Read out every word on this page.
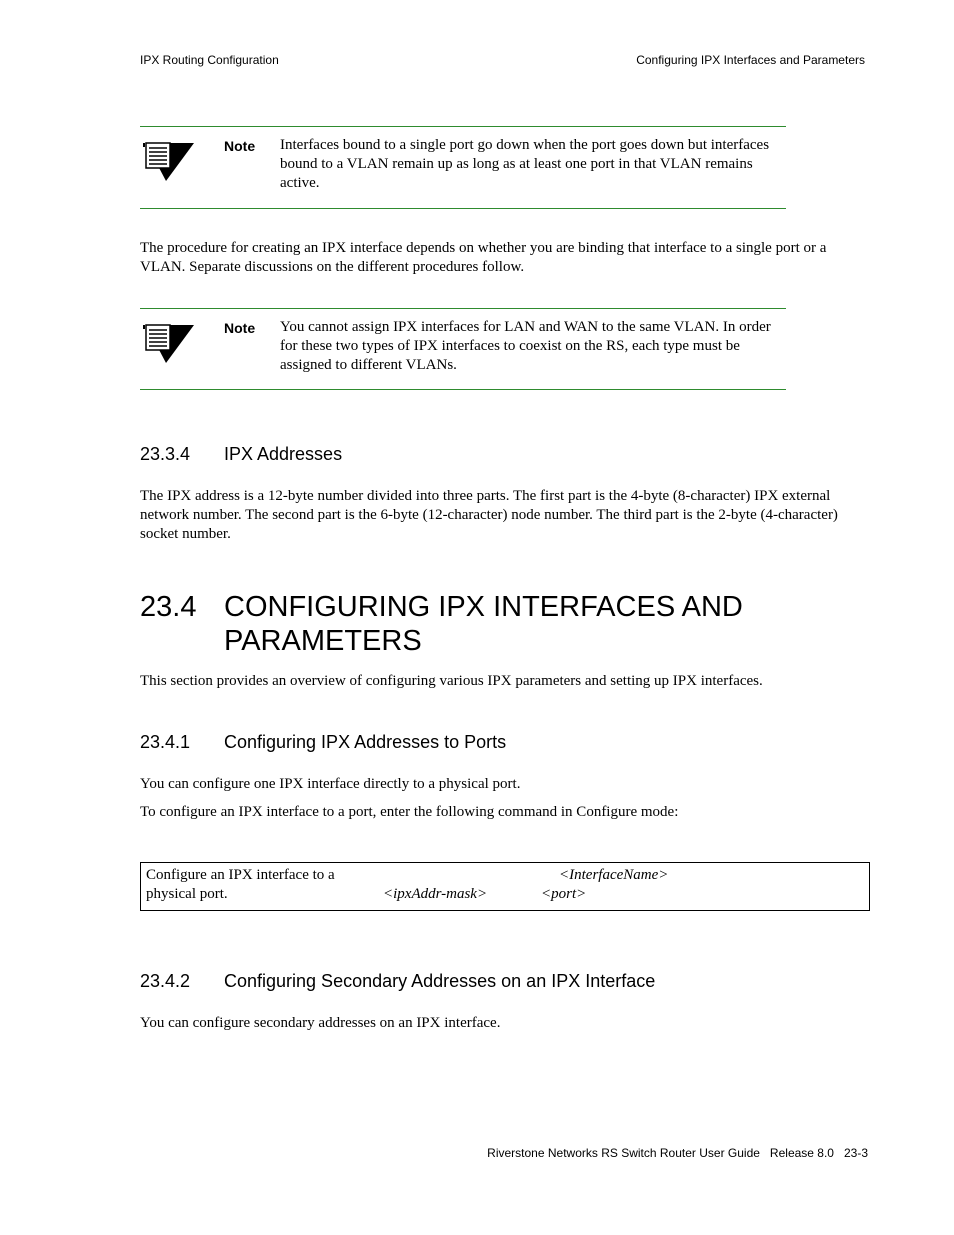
IPX Routing Configuration	Configuring IPX Interfaces and Parameters
Note Interfaces bound to a single port go down when the port goes down but interfaces bound to a VLAN remain up as long as at least one port in that VLAN remains active.
The procedure for creating an IPX interface depends on whether you are binding that interface to a single port or a VLAN. Separate discussions on the different procedures follow.
Note You cannot assign IPX interfaces for LAN and WAN to the same VLAN. In order for these two types of IPX interfaces to coexist on the RS, each type must be assigned to different VLANs.
23.3.4 IPX Addresses
The IPX address is a 12-byte number divided into three parts. The first part is the 4-byte (8-character) IPX external network number. The second part is the 6-byte (12-character) node number. The third part is the 2-byte (4-character) socket number.
23.4 CONFIGURING IPX INTERFACES AND PARAMETERS
This section provides an overview of configuring various IPX parameters and setting up IPX interfaces.
23.4.1 Configuring IPX Addresses to Ports
You can configure one IPX interface directly to a physical port.
To configure an IPX interface to a port, enter the following command in Configure mode:
Configure an IPX interface to a physical port.
<InterfaceName>
<ipxAddr-mask>	<port>
23.4.2 Configuring Secondary Addresses on an IPX Interface
You can configure secondary addresses on an IPX interface.
Riverstone Networks RS Switch Router User Guide   Release 8.0   23-3
